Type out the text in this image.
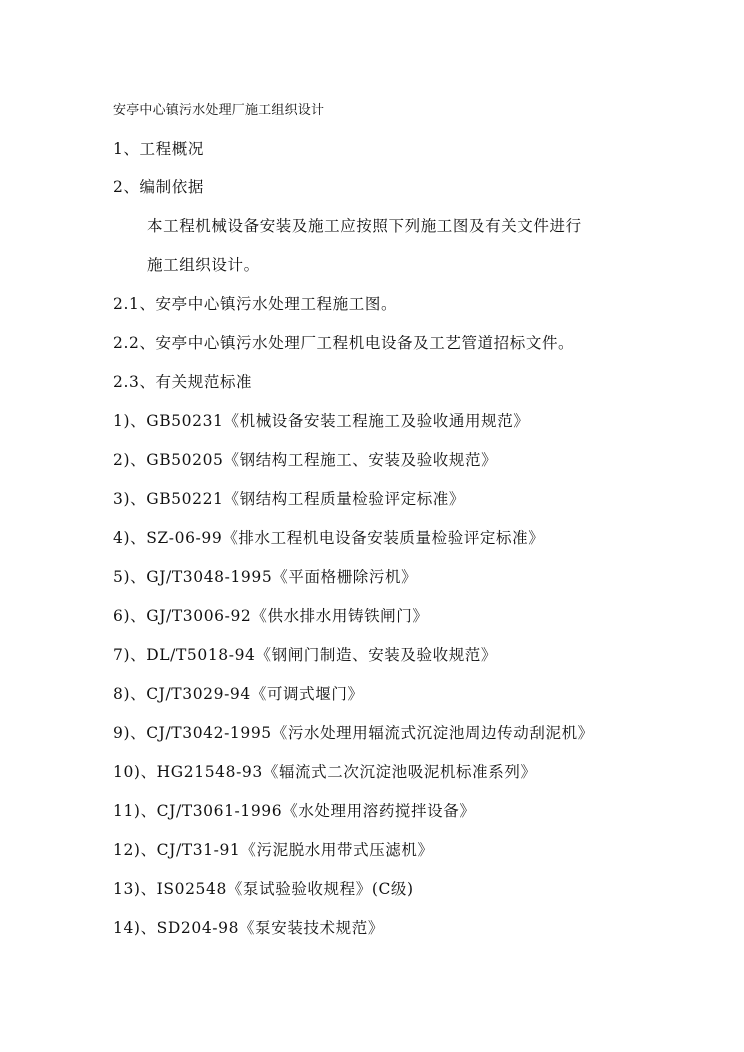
安亭中心镇污水处理厂施工组织设计
1、工程概况
2、编制依据
本工程机械设备安装及施工应按照下列施工图及有关文件进行
施工组织设计。
2.1、安亭中心镇污水处理工程施工图。
2.2、安亭中心镇污水处理厂工程机电设备及工艺管道招标文件。
2.3、有关规范标准
1)、GB50231《机械设备安装工程施工及验收通用规范》
2)、GB50205《钢结构工程施工、安装及验收规范》
3)、GB50221《钢结构工程质量检验评定标准》
4)、SZ-06-99《排水工程机电设备安装质量检验评定标准》
5)、GJ/T3048-1995《平面格栅除污机》
6)、GJ/T3006-92《供水排水用铸铁闸门》
7)、DL/T5018-94《钢闸门制造、安装及验收规范》
8)、CJ/T3029-94《可调式堰门》
9)、CJ/T3042-1995《污水处理用辐流式沉淀池周边传动刮泥机》
10)、HG21548-93《辐流式二次沉淀池吸泥机标准系列》
11)、CJ/T3061-1996《水处理用溶药搅拌设备》
12)、CJ/T31-91《污泥脱水用带式压滤机》
13)、IS02548《泵试验验收规程》(C级)
14)、SD204-98《泵安装技术规范》
